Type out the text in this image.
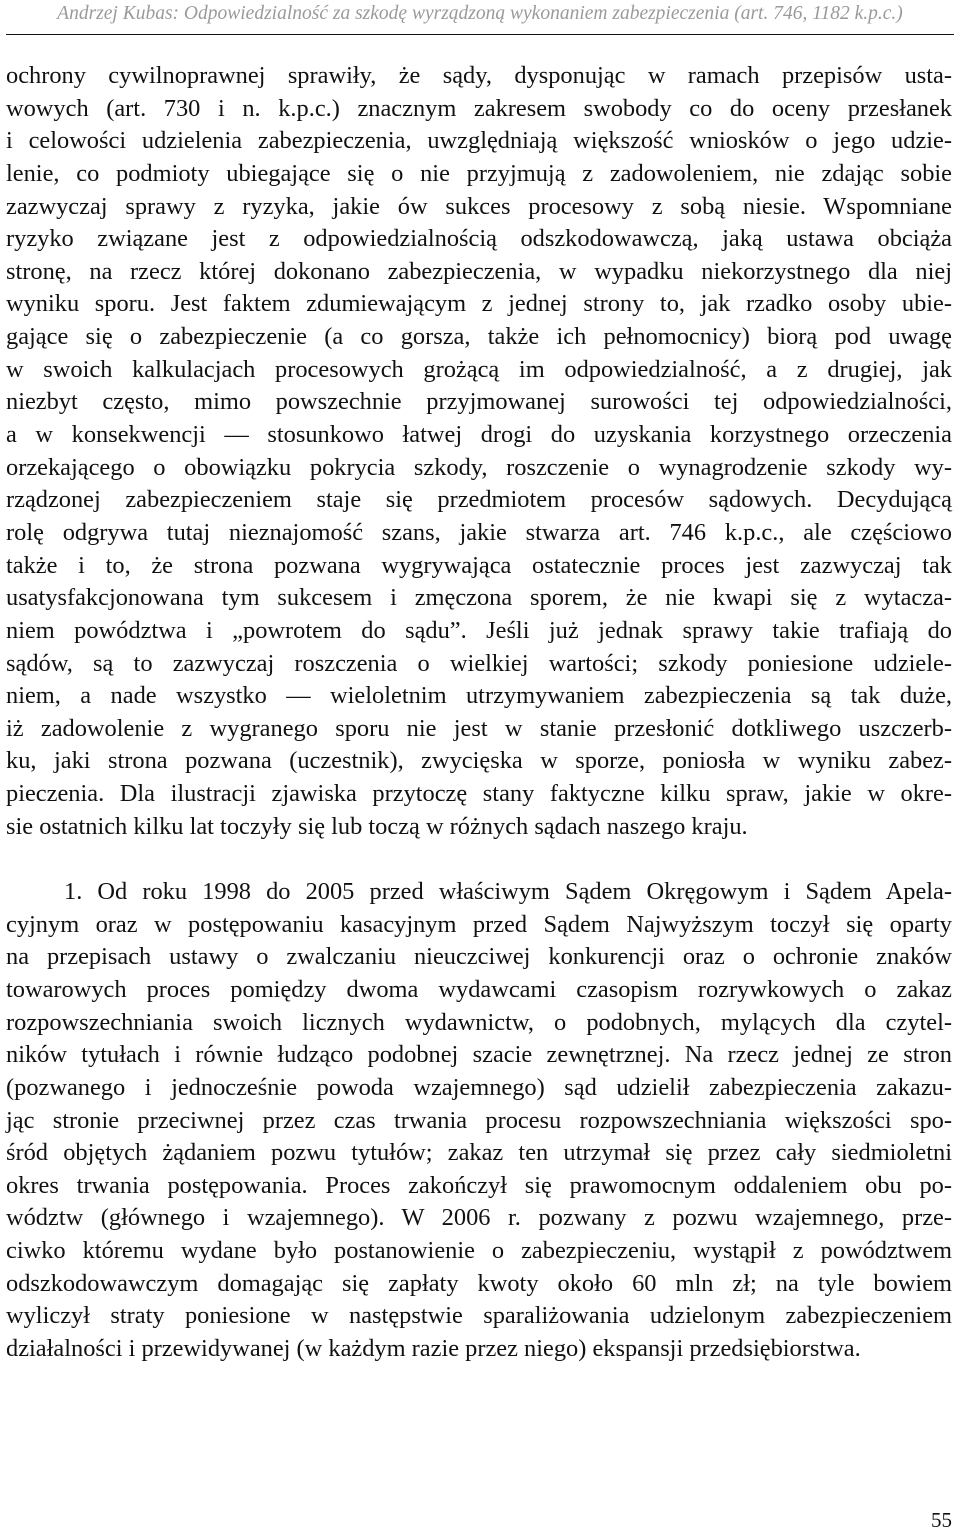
Andrzej Kubas: Odpowiedzialność za szkodę wyrządzoną wykonaniem zabezpieczenia (art. 746, 1182 k.p.c.)
ochrony cywilnoprawnej sprawiły, że sądy, dysponując w ramach przepisów usta-
wowych (art. 730 i n. k.p.c.) znacznym zakresem swobody co do oceny przesłanek
i celowości udzielenia zabezpieczenia, uwzględniają większość wniosków o jego udzie-
lenie, co podmioty ubiegające się o nie przyjmują z zadowoleniem, nie zdając sobie
zazwyczaj sprawy z ryzyka, jakie ów sukces procesowy z sobą niesie. Wspomniane
ryzyko związane jest z odpowiedzialnością odszkodowawczą, jaką ustawa obciąża
stronę, na rzecz której dokonano zabezpieczenia, w wypadku niekorzystnego dla niej
wyniku sporu. Jest faktem zdumiewającym z jednej strony to, jak rzadko osoby ubie-
gające się o zabezpieczenie (a co gorsza, także ich pełnomocnicy) biorą pod uwagę
w swoich kalkulacjach procesowych grożącą im odpowiedzialność, a z drugiej, jak
niezbyt często, mimo powszechnie przyjmowanej surowości tej odpowiedzialności,
a w konsekwencji — stosunkowo łatwej drogi do uzyskania korzystnego orzeczenia
orzekającego o obowiązku pokrycia szkody, roszczenie o wynagrodzenie szkody wy-
rządzonej zabezpieczeniem staje się przedmiotem procesów sądowych. Decydującą
rolę odgrywa tutaj nieznajomość szans, jakie stwarza art. 746 k.p.c., ale częściowo
także i to, że strona pozwana wygrywająca ostatecznie proces jest zazwyczaj tak
usatysfakcjonowana tym sukcesem i zmęczona sporem, że nie kwapi się z wytacza-
niem powództwa i „powrotem do sądu”. Jeśli już jednak sprawy takie trafiają do
sądów, są to zazwyczaj roszczenia o wielkiej wartości; szkody poniesione udziele-
niem, a nade wszystko — wieloletnim utrzymywaniem zabezpieczenia są tak duże,
iż zadowolenie z wygranego sporu nie jest w stanie przesłonić dotkliwego uszczerb-
ku, jaki strona pozwana (uczestnik), zwycięska w sporze, poniosła w wyniku zabez-
pieczenia. Dla ilustracji zjawiska przytoczę stany faktyczne kilku spraw, jakie w okre-
sie ostatnich kilku lat toczyły się lub toczą w różnych sądach naszego kraju.
1. Od roku 1998 do 2005 przed właściwym Sądem Okręgowym i Sądem Apela-
cyjnym oraz w postępowaniu kasacyjnym przed Sądem Najwyższym toczył się oparty
na przepisach ustawy o zwalczaniu nieuczciwej konkurencji oraz o ochronie znaków
towarowych proces pomiędzy dwoma wydawcami czasopism rozrywkowych o zakaz
rozpowszechniania swoich licznych wydawnictw, o podobnych, mylących dla czytel-
ników tytułach i równie łudząco podobnej szacie zewnętrznej. Na rzecz jednej ze stron
(pozwanego i jednocześnie powoda wzajemnego) sąd udzielił zabezpieczenia zakazu-
jąc stronie przeciwnej przez czas trwania procesu rozpowszechniania większości spo-
śród objętych żądaniem pozwu tytułów; zakaz ten utrzymał się przez cały siedmioletni
okres trwania postępowania. Proces zakończył się prawomocnym oddaleniem obu po-
wództw (głównego i wzajemnego). W 2006 r. pozwany z pozwu wzajemnego, prze-
ciwko któremu wydane było postanowienie o zabezpieczeniu, wystąpił z powództwem
odszkodowawczym domagając się zapłaty kwoty około 60 mln zł; na tyle bowiem
wyliczył straty poniesione w następstwie sparaliżowania udzielonym zabezpieczeniem
działalności i przewidywanej (w każdym razie przez niego) ekspansji przedsiębiorstwa.
55
